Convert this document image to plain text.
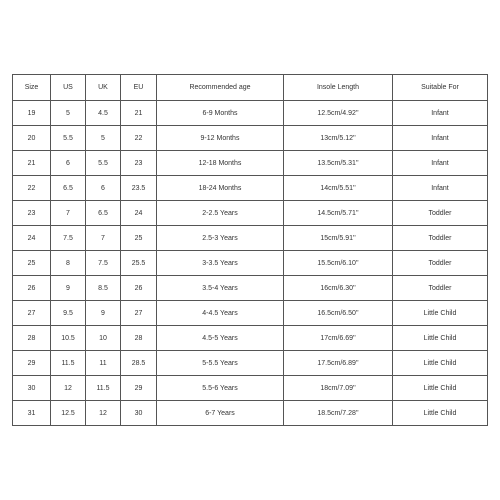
Size	US	UK	EU	Recommended age	Insole Length	Suitable For
19	5	4.5	21	6-9 Months	12.5cm/4.92''	Infant
20	5.5	5	22	9-12 Months	13cm/5.12''	Infant
21	6	5.5	23	12-18 Months	13.5cm/5.31''	Infant
22	6.5	6	23.5	18-24 Months	14cm/5.51''	Infant
23	7	6.5	24	2-2.5 Years	14.5cm/5.71''	Toddler
24	7.5	7	25	2.5-3 Years	15cm/5.91''	Toddler
25	8	7.5	25.5	3-3.5 Years	15.5cm/6.10''	Toddler
26	9	8.5	26	3.5-4 Years	16cm/6.30''	Toddler
27	9.5	9	27	4-4.5 Years	16.5cm/6.50''	Little Child
28	10.5	10	28	4.5-5 Years	17cm/6.69''	Little Child
29	11.5	11	28.5	5-5.5 Years	17.5cm/6.89''	Little Child
30	12	11.5	29	5.5-6 Years	18cm/7.09''	Little Child
31	12.5	12	30	6-7 Years	18.5cm/7.28''	Little Child
